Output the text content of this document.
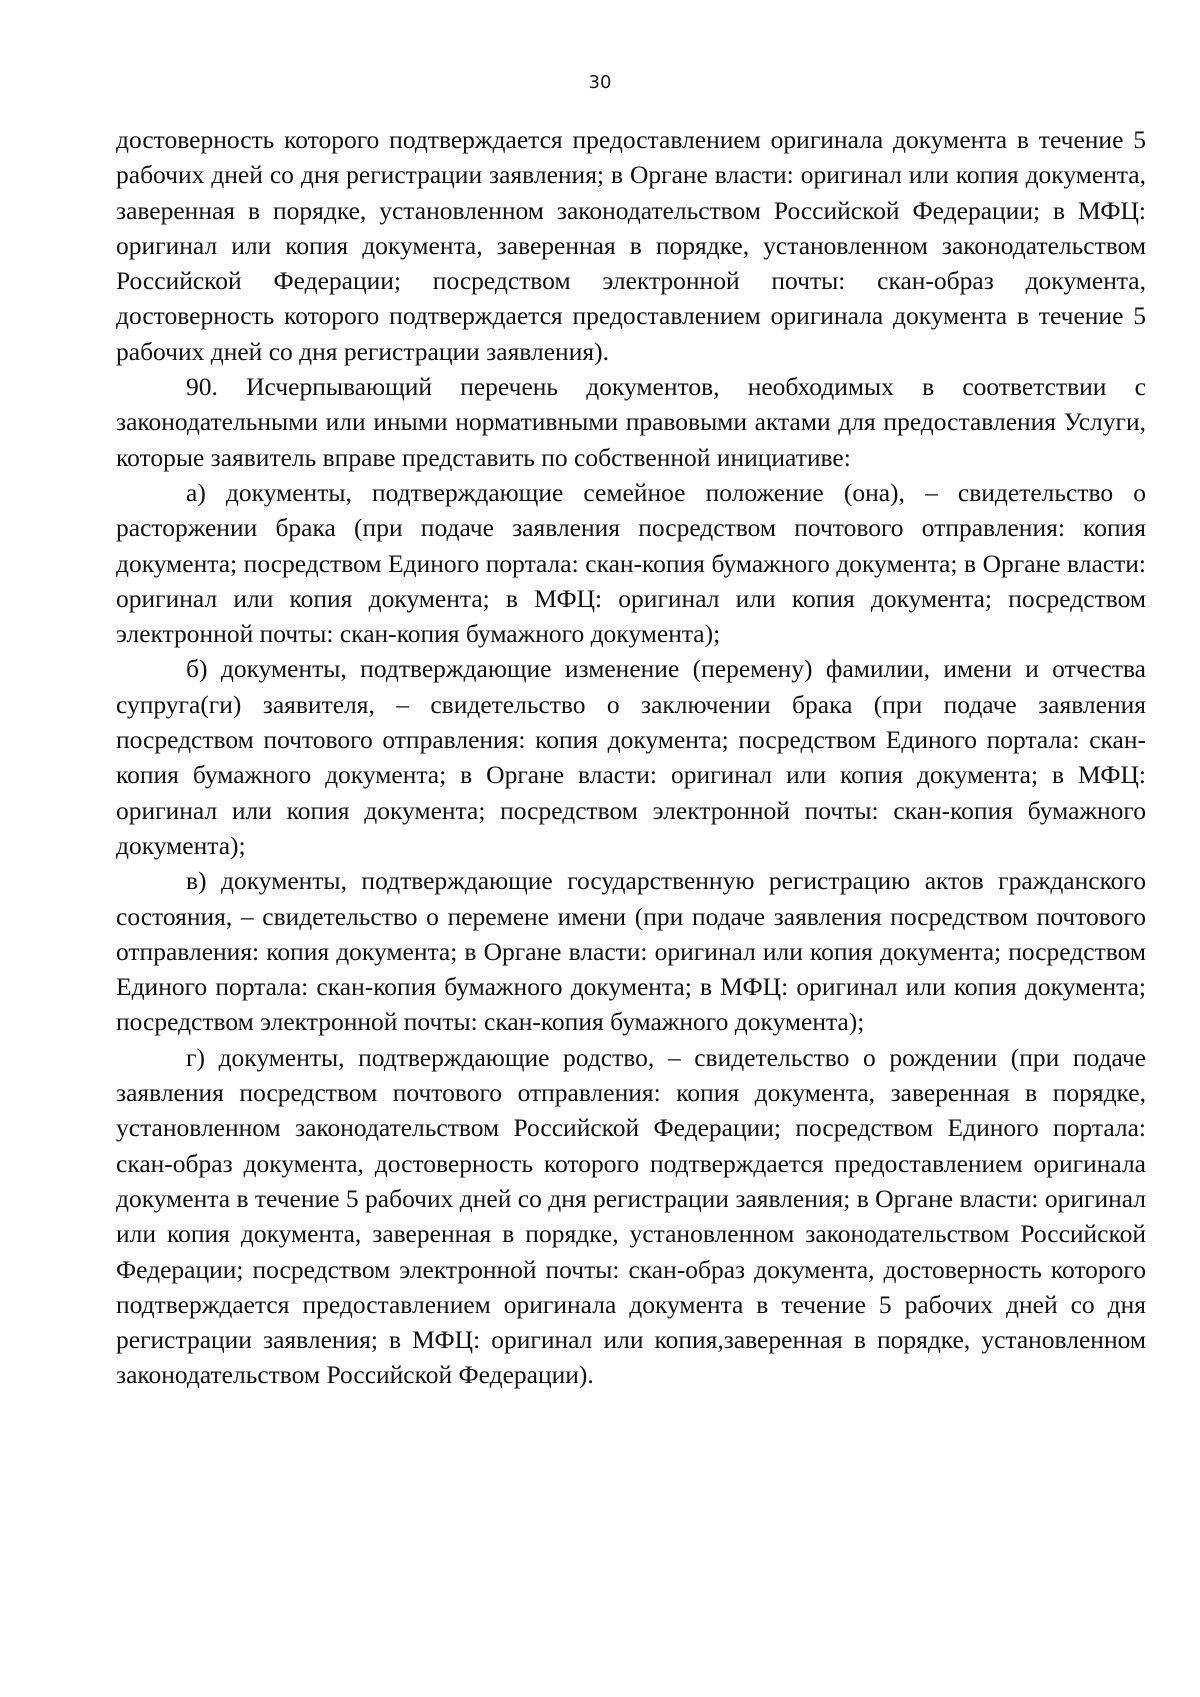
30

достоверность которого подтверждается предоставлением оригинала документа в течение 5 рабочих дней со дня регистрации заявления; в Органе власти: оригинал или копия документа, заверенная в порядке, установленном законодательством Российской Федерации; в МФЦ: оригинал или копия документа, заверенная в порядке, установленном законодательством Российской Федерации; посредством электронной почты: скан-образ документа, достоверность которого подтверждается предоставлением оригинала документа в течение 5 рабочих дней со дня регистрации заявления).

90. Исчерпывающий перечень документов, необходимых в соответствии с законодательными или иными нормативными правовыми актами для предоставления Услуги, которые заявитель вправе представить по собственной инициативе:

а) документы, подтверждающие семейное положение (она), – свидетельство о расторжении брака (при подаче заявления посредством почтового отправления: копия документа; посредством Единого портала: скан-копия бумажного документа; в Органе власти: оригинал или копия документа; в МФЦ: оригинал или копия документа; посредством электронной почты: скан-копия бумажного документа);

б) документы, подтверждающие изменение (перемену) фамилии, имени и отчества супруга(ги) заявителя, – свидетельство о заключении брака (при подаче заявления посредством почтового отправления: копия документа; посредством Единого портала: скан-копия бумажного документа; в Органе власти: оригинал или копия документа; в МФЦ: оригинал или копия документа; посредством электронной почты: скан-копия бумажного документа);

в) документы, подтверждающие государственную регистрацию актов гражданского состояния, – свидетельство о перемене имени (при подаче заявления посредством почтового отправления: копия документа; в Органе власти: оригинал или копия документа; посредством Единого портала: скан-копия бумажного документа; в МФЦ: оригинал или копия документа; посредством электронной почты: скан-копия бумажного документа);

г) документы, подтверждающие родство, – свидетельство о рождении (при подаче заявления посредством почтового отправления: копия документа, заверенная в порядке, установленном законодательством Российской Федерации; посредством Единого портала: скан-образ документа, достоверность которого подтверждается предоставлением оригинала документа в течение 5 рабочих дней со дня регистрации заявления; в Органе власти: оригинал или копия документа, заверенная в порядке, установленном законодательством Российской Федерации; посредством электронной почты: скан-образ документа, достоверность которого подтверждается предоставлением оригинала документа в течение 5 рабочих дней со дня регистрации заявления; в МФЦ: оригинал или копия,заверенная в порядке, установленном законодательством Российской Федерации).
